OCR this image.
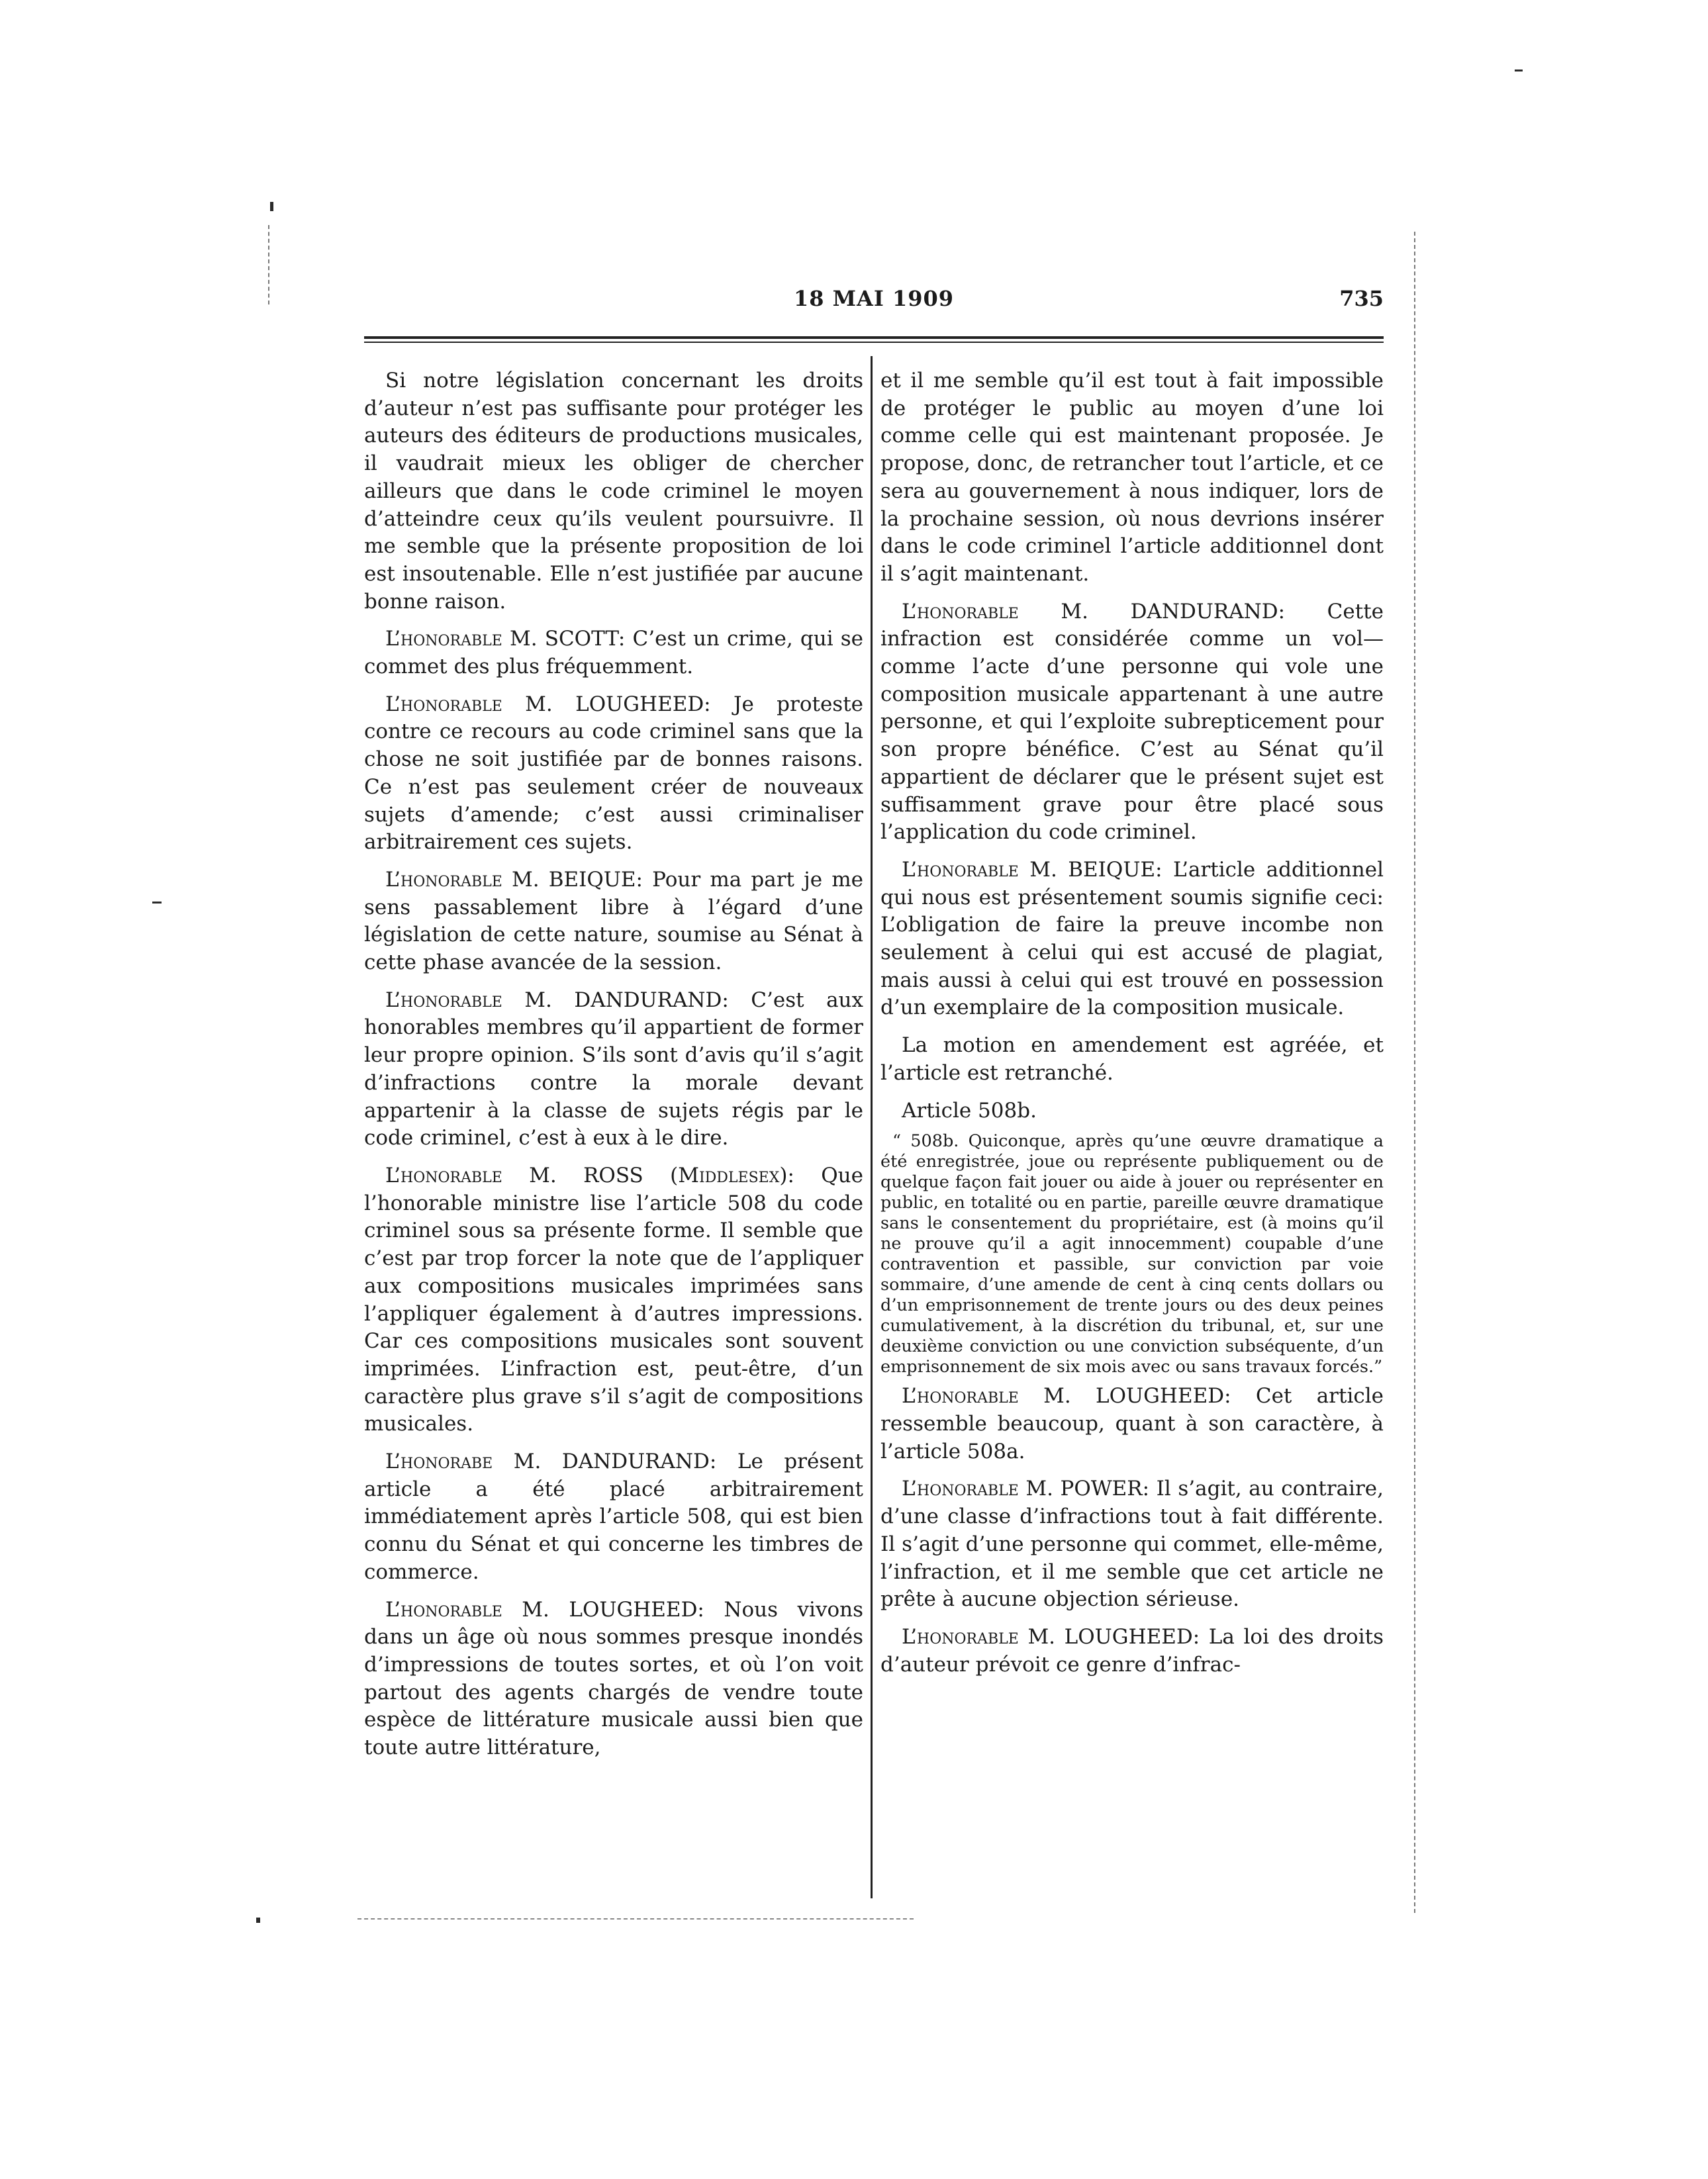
18 MAI 1909	735

Si notre législation concernant les droits d’auteur n’est pas suffisante pour protéger les auteurs des éditeurs de productions musicales, il vaudrait mieux les obliger de chercher ailleurs que dans le code criminel le moyen d’atteindre ceux qu’ils veulent poursuivre. Il me semble que la présente proposition de loi est insoutenable. Elle n’est justifiée par aucune bonne raison.

L’honorable M. SCOTT: C’est un crime, qui se commet des plus fréquemment.

L’honorable M. LOUGHEED: Je proteste contre ce recours au code criminel sans que la chose ne soit justifiée par de bonnes raisons. Ce n’est pas seulement créer de nouveaux sujets d’amende; c’est aussi criminaliser arbitrairement ces sujets.

L’honorable M. BEIQUE: Pour ma part je me sens passablement libre à l’égard d’une législation de cette nature, soumise au Sénat à cette phase avancée de la session.

L’honorable M. DANDURAND: C’est aux honorables membres qu’il appartient de former leur propre opinion. S’ils sont d’avis qu’il s’agit d’infractions contre la morale devant appartenir à la classe de sujets régis par le code criminel, c’est à eux à le dire.

L’honorable M. ROSS (Middlesex): Que l’honorable ministre lise l’article 508 du code criminel sous sa présente forme. Il semble que c’est par trop forcer la note que de l’appliquer aux compositions musicales imprimées sans l’appliquer également à d’autres impressions. Car ces compositions musicales sont souvent imprimées. L’infraction est, peut-être, d’un caractère plus grave s’il s’agit de compositions musicales.

L’honorabe M. DANDURAND: Le présent article a été placé arbitrairement immédiatement après l’article 508, qui est bien connu du Sénat et qui concerne les timbres de commerce.

L’honorable M. LOUGHEED: Nous vivons dans un âge où nous sommes presque inondés d’impressions de toutes sortes, et où l’on voit partout des agents chargés de vendre toute espèce de littérature musicale aussi bien que toute autre littérature,

et il me semble qu’il est tout à fait impossible de protéger le public au moyen d’une loi comme celle qui est maintenant proposée. Je propose, donc, de retrancher tout l’article, et ce sera au gouvernement à nous indiquer, lors de la prochaine session, où nous devrions insérer dans le code criminel l’article additionnel dont il s’agit maintenant.

L’honorable M. DANDURAND: Cette infraction est considérée comme un vol—comme l’acte d’une personne qui vole une composition musicale appartenant à une autre personne, et qui l’exploite subrepticement pour son propre bénéfice. C’est au Sénat qu’il appartient de déclarer que le présent sujet est suffisamment grave pour être placé sous l’application du code criminel.

L’honorable M. BEIQUE: L’article additionnel qui nous est présentement soumis signifie ceci: L’obligation de faire la preuve incombe non seulement à celui qui est accusé de plagiat, mais aussi à celui qui est trouvé en possession d’un exemplaire de la composition musicale.

La motion en amendement est agréée, et l’article est retranché.

Article 508b.

“ 508b. Quiconque, après qu’une œuvre dramatique a été enregistrée, joue ou représente publiquement ou de quelque façon fait jouer ou aide à jouer ou représenter en public, en totalité ou en partie, pareille œuvre dramatique sans le consentement du propriétaire, est (à moins qu’il ne prouve qu’il a agit innocemment) coupable d’une contravention et passible, sur conviction par voie sommaire, d’une amende de cent à cinq cents dollars ou d’un emprisonnement de trente jours ou des deux peines cumulativement, à la discrétion du tribunal, et, sur une deuxième conviction ou une conviction subséquente, d’un emprisonnement de six mois avec ou sans travaux forcés.”

L’honorable M. LOUGHEED: Cet article ressemble beaucoup, quant à son caractère, à l’article 508a.

L’honorable M. POWER: Il s’agit, au contraire, d’une classe d’infractions tout à fait différente. Il s’agit d’une personne qui commet, elle-même, l’infraction, et il me semble que cet article ne prête à aucune objection sérieuse.

L’honorable M. LOUGHEED: La loi des droits d’auteur prévoit ce genre d’infrac-
